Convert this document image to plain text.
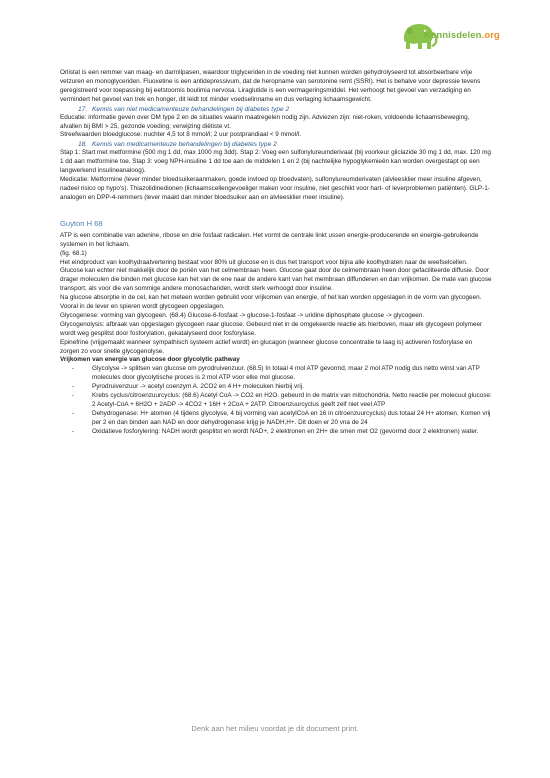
Kennisdelen.org

Orlistat is een remmer van maag- en darmlipasen, waardoor triglyceriden in de voeding niet kunnen worden gehydrolyseerd tot absorbeerbare vrije vetzuren en monoglyceriden. Fluoxetine is een antidepressivum, dat de heropname van serotonine remt (SSRI). Het is behalve voor depressie tevens geregistreerd voor toepassing bij eetstoornis boulimia nervosa. Liraglutide is een vermageringsmiddel. Het verhoogt het gevoel van verzadiging en vermindert het gevoel van trek en honger, dit leidt tot minder voedselinname en dus verlaging lichaamsgewicht.

17. Kennis van niet medicamenteuze behandelingen bij diabetes type 2

Educatie: informatie geven over DM type 2 en de situaties waarin maatregelen nodig zijn. Adviezen zijn: niet-roken, voldoende lichaamsbeweging, afvallen bij BMI > 25, gezonde voeding; verwijzing diëtiste vt.

Streefwaarden bloedglucose: nuchter 4,5 tot 8 mmol/l; 2 uur postprandiaal < 9 mmol/l.

18. Kennis van medicamenteuze behandelingen bij diabetes type 2

Stap 1: Start met metformine (500 mg 1 dd, max 1000 mg 3dd). Stap 2: Voeg een sulfonylureumderivaat (bij voorkeur gliclazide 30 mg 1 dd, max. 120 mg 1 dd aan metformine toe. Stap 3: voeg NPH-insuline 1 dd toe aan de middelen 1 en 2 (bij nachtelijke hypoglykemieën kan worden overgestapt op een langwerkend insulineanaloog).

Medicatie: Metformine (lever minder bloedsuikeraanmaken, goede invloed op bloedvaten), sulfonylureumderivaten (alvleesklier meer insuline afgeven, nadeel risico op hypo's). Thiazolidinedionen (lichaamscellengevoeliger maken voor insuline, niet geschikt voor hart- of leverproblemen patiënten). GLP-1-analogen en DPP-4-remmers (lever maakt dan minder bloedsuiker aan en alvleesklier meer insuline).

Guyton H 68

ATP is een combinatie van adenine, ribose en drie fosfaat radicalen. Het vormt de centrale linkt ussen energie-producerende en energie-gebruikende systemen in het lichaam.

(fig. 68.1)

Het eindproduct van koolhydraatvertering bestaat voor 80% uit glucose en is dus het transport voor bijna alle koolhydraten naar de weefselcellen. Glucose kan echter niet makkelijk door de poriën van het celmembraan heen. Glucose gaat door de celmembraan heen door gefaciliteerde diffusie. Door drager moleculen die binden met glucose kan het van de ene naar de andere kant van het membraan diffunderen en dan vrijkomen. De mate van glucose transport, als voor die van sommige andere monosachariden, wordt sterk verhoogd door insuline.

Na glucose absorptie in de cel, kan het meteen worden gebruikt voor vrijkomen van energie, of het kan worden opgeslagen in de vorm van glycogeen. Vooral in de lever en spieren wordt glycogeen opgeslagen.

Glycogenese: vorming van glycogeen. (68.4) Glucose-6-fosfaat -> glucose-1-fosfaat -> uridine diphosphate glucose -> glycogeen.

Glycogenolysis: afbraak van opgeslagen glycogeen naar glucose. Gebeurd niet in de omgekeerde reactie als hierboven, maar elk glycogeen polymeer wordt weg gesplitst door fosforylation, gekatalyseerd door fosforylase.

Epinefrine (vrijgemaakt wanneer sympathisch systeem actief wordt) en glucagon (wanneer glucose concentratie te laag is) activeren fosforylase en zorgen zo voor snelle glycogenolyse.

Vrijkomen van energie van glucose door glycolytic pathway

-	Glycolyse -> splitsen van glucose om pyrodruivenzuur. (68.5) In totaal 4 mol ATP gevormd, maar 2 mol ATP nodig dus netto winst van ATP molecules door glycolytische proces is 2 mol ATP voor elke mol glucose.
-	Pyrodruivenzuur -> acetyl coenzym A. 2CO2 en 4 H+ molecuken hierbij vrij.
-	Krebs cyclus/citroenzuurcyclus: (68.6) Acetyl CoA -> CO2 en H2O. gebeurd in de matrix van mitochondria. Netto reactie per molecuul glucose: 2 Acetyl-CoA + 6H2O + 2ADP -> 4CO2 + 16H + 2CoA + 2ATP. Citroenzuurcyclus geeft zelf niet veel ATP
-	Dehydrogenase: H+ atomen (4 tijdens glycolyse, 4 bij vorming van acetylCoA en 16 in citroenzuurcyclus) dus totaal 24 H+ atomen. Komen vrij per 2 en dan binden aan NAD en door dehydrogenase krijg je NADH,H+. Dit doen er 20 vna de 24
-	Oxidatieve fosforylering: NADH wordt gesplitst en wordt NAD+, 2 elektronen en 2H+ die smen met O2 (gevormd door 2 elektronen) water.
Denk aan het milieu voordat je dit document print.
